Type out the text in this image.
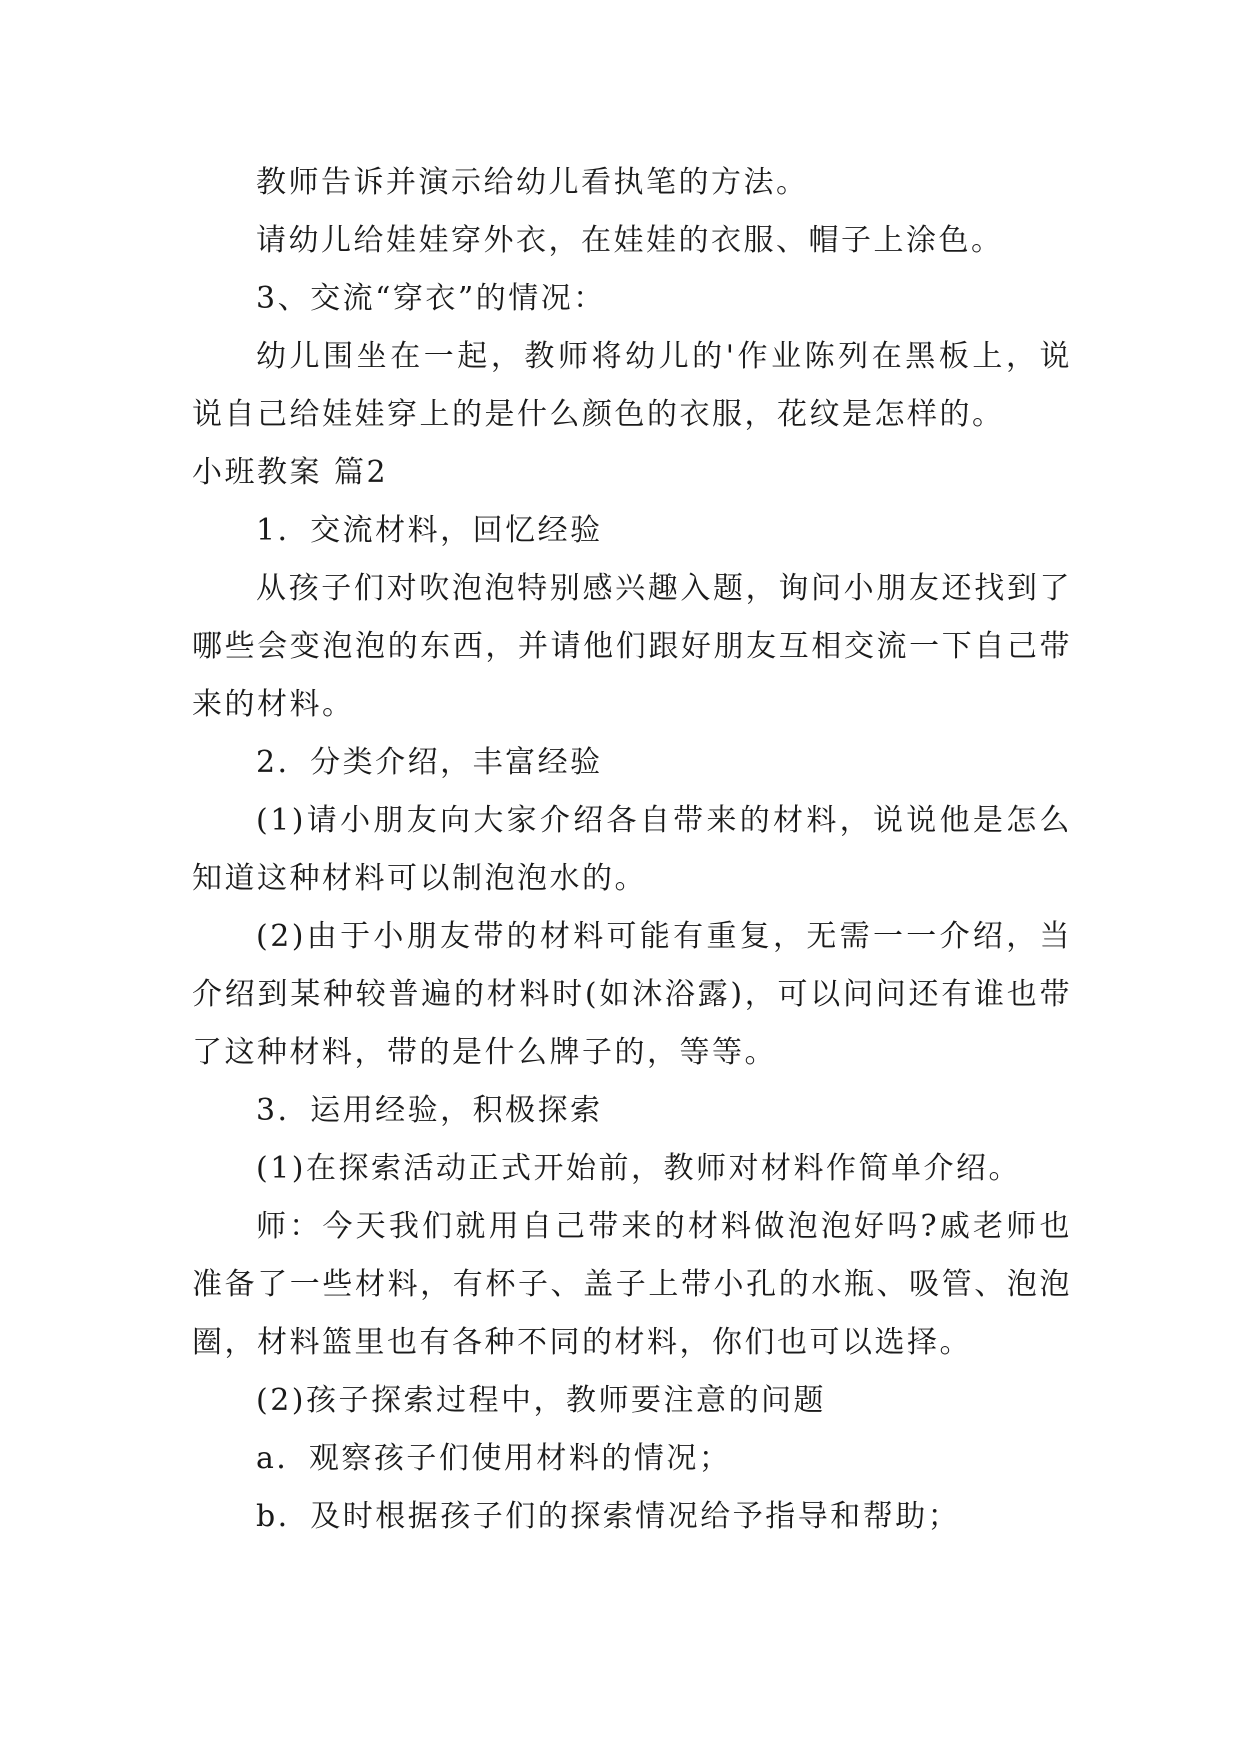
教师告诉并演示给幼儿看执笔的方法。

请幼儿给娃娃穿外衣，在娃娃的衣服、帽子上涂色。

3、交流“穿衣”的情况：

幼儿围坐在一起，教师将幼儿的'作业陈列在黑板上，说说自己给娃娃穿上的是什么颜色的衣服，花纹是怎样的。

小班教案 篇2

1．交流材料，回忆经验

从孩子们对吹泡泡特别感兴趣入题，询问小朋友还找到了哪些会变泡泡的东西，并请他们跟好朋友互相交流一下自己带来的材料。

2．分类介绍，丰富经验

(1)请小朋友向大家介绍各自带来的材料，说说他是怎么知道这种材料可以制泡泡水的。

(2)由于小朋友带的材料可能有重复，无需一一介绍，当介绍到某种较普遍的材料时(如沐浴露)，可以问问还有谁也带了这种材料，带的是什么牌子的，等等。

3．运用经验，积极探索

(1)在探索活动正式开始前，教师对材料作简单介绍。

师：今天我们就用自己带来的材料做泡泡好吗?戚老师也准备了一些材料，有杯子、盖子上带小孔的水瓶、吸管、泡泡圈，材料篮里也有各种不同的材料，你们也可以选择。

(2)孩子探索过程中，教师要注意的问题

a．观察孩子们使用材料的情况；

b．及时根据孩子们的探索情况给予指导和帮助；
